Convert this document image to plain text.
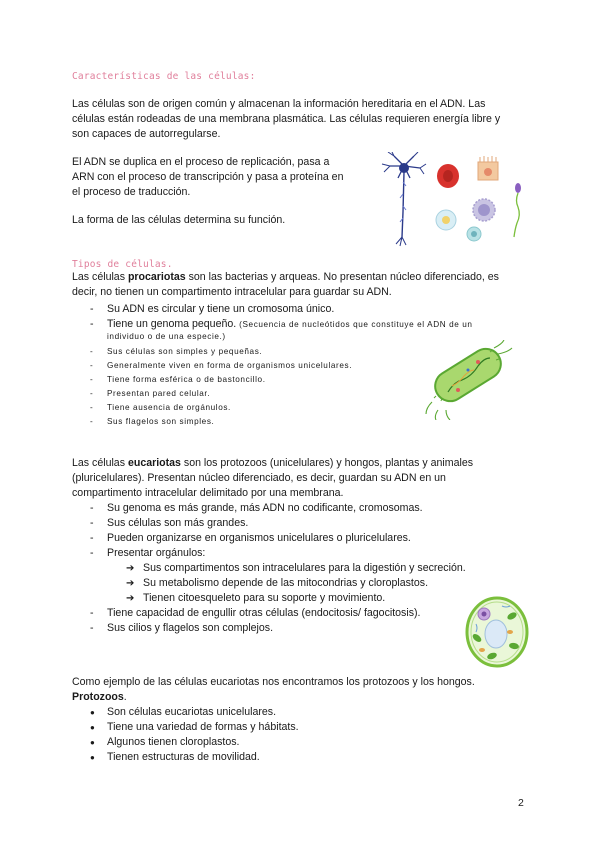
Características de las células:
Las células son de origen común y almacenan la información hereditaria en el ADN. Las
células están rodeadas de una membrana plasmática. Las células requieren energía libre y
son capaces de autorregularse.
El ADN se duplica en el proceso de replicación, pasa a
ARN con el proceso de transcripción y pasa a proteína en
el proceso de traducción.
La forma de las células determina su función.
Tipos de células.
Las células procariotas son las bacterias y arqueas. No presentan núcleo diferenciado, es
decir, no tienen un compartimento intracelular para guardar su ADN.
- Su ADN es circular y tiene un cromosoma único.
- Tiene un genoma pequeño. (Secuencia de nucleótidos que constituye el ADN de un
individuo o de una especie.)
- Sus células son simples y pequeñas.
- Generalmente viven en forma de organismos unicelulares.
- Tiene forma esférica o de bastoncillo.
- Presentan pared celular.
- Tiene ausencia de orgánulos.
- Sus flagelos son simples.
Las células eucariotas son los protozoos (unicelulares) y hongos, plantas y animales
(pluricelulares). Presentan núcleo diferenciado, es decir, guardan su ADN en un
compartimento intracelular delimitado por una membrana.
- Su genoma es más grande, más ADN no codificante, cromosomas.
- Sus células son más grandes.
- Pueden organizarse en organismos unicelulares o pluricelulares.
- Presentar orgánulos:
➔ Sus compartimentos son intracelulares para la digestión y secreción.
➔ Su metabolismo depende de las mitocondrias y cloroplastos.
➔ Tienen citoesqueleto para su soporte y movimiento.
- Tiene capacidad de engullir otras células (endocitosis/ fagocitosis).
- Sus cilios y flagelos son complejos.
Como ejemplo de las células eucariotas nos encontramos los protozoos y los hongos.
Protozoos.
● Son células eucariotas unicelulares.
● Tiene una variedad de formas y hábitats.
● Algunos tienen cloroplastos.
● Tienen estructuras de movilidad.
2
